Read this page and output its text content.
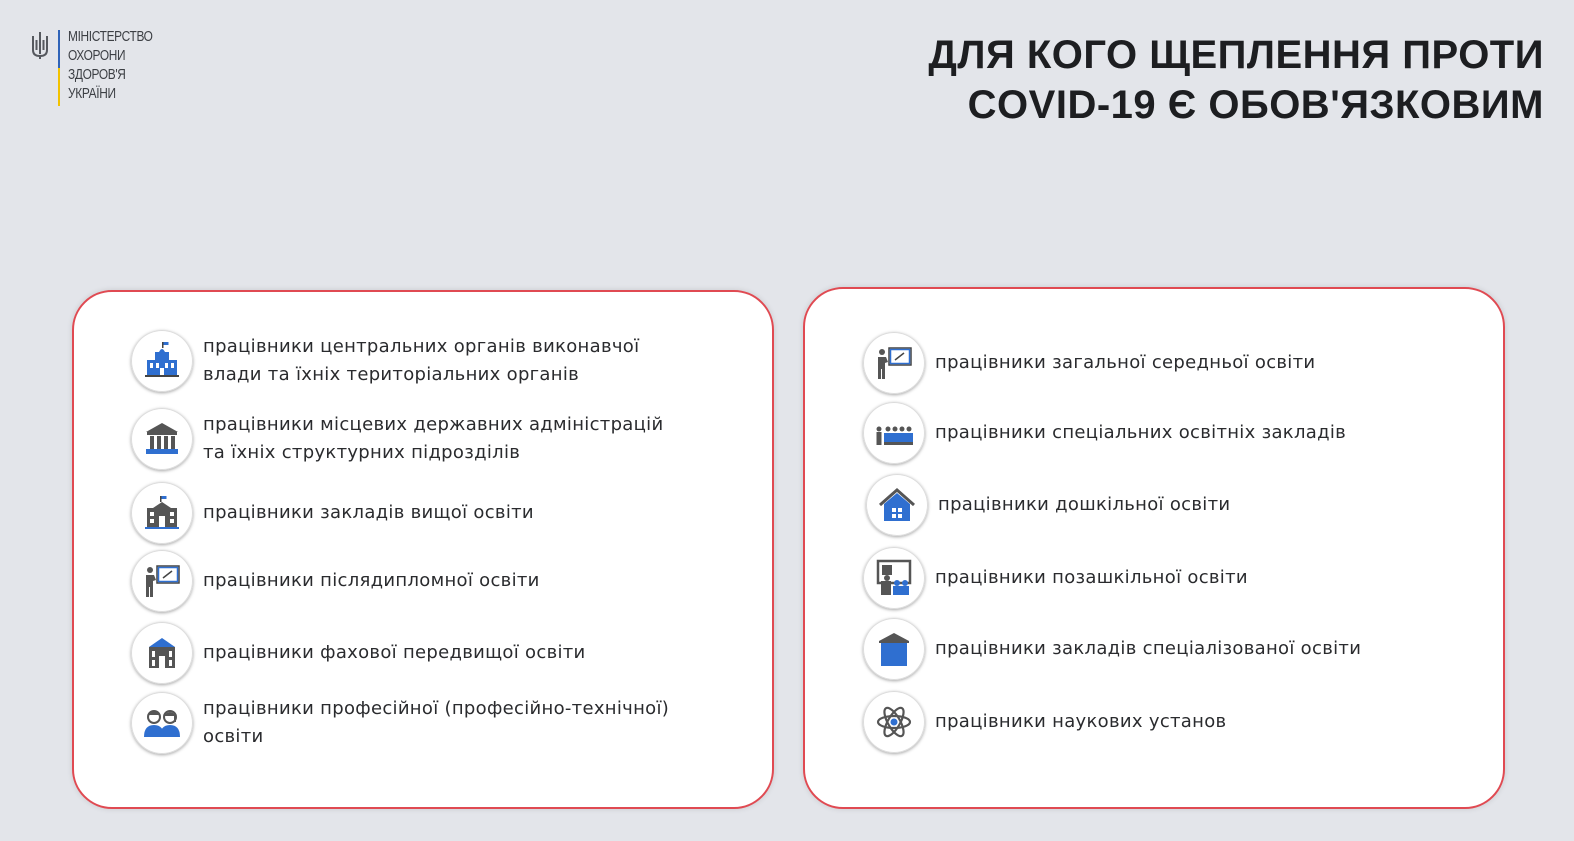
МІНІСТЕРСТВО
ОХОРОНИ
ЗДОРОВ'Я
УКРАЇНИ
ДЛЯ КОГО ЩЕПЛЕННЯ ПРОТИ
COVID-19 Є ОБОВ'ЯЗКОВИМ
працівники центральних органів виконавчої
влади та їхніх територіальних органів
працівники місцевих державних адміністрацій
та їхніх структурних підрозділів
працівники закладів вищої освіти
працівники післядипломної освіти
працівники фахової передвищої освіти
працівники професійної (професійно-технічної)
освіти
працівники загальної середньої освіти
працівники спеціальних освітніх закладів
працівники дошкільної освіти
працівники позашкільної освіти
працівники закладів спеціалізованої освіти
працівники наукових установ
